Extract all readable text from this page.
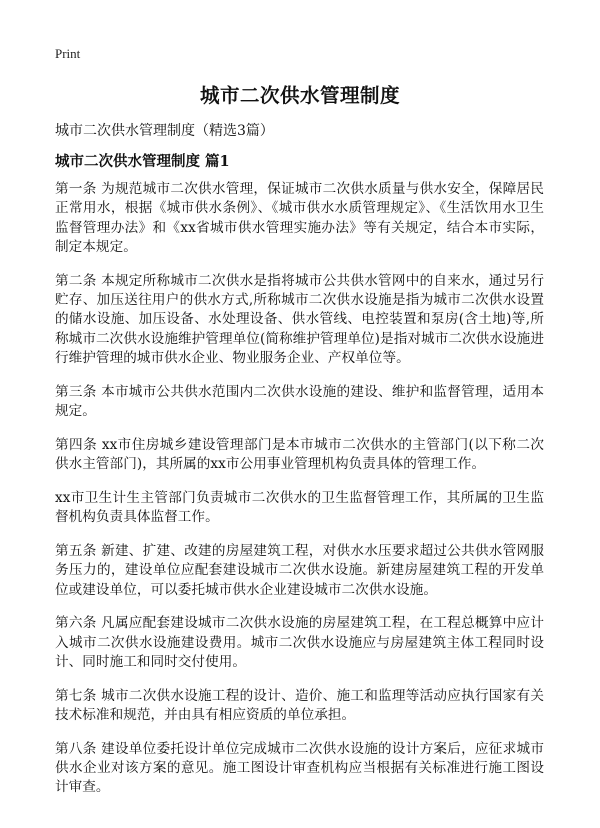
Print
城市二次供水管理制度

城市二次供水管理制度（精选3篇）

城市二次供水管理制度 篇1

第一条 为规范城市二次供水管理，保证城市二次供水质量与供水安全，保障居民正常用水，根据《城市供水条例》、《城市供水水质管理规定》、《生活饮用水卫生监督管理办法》和《xx省城市供水管理实施办法》等有关规定，结合本市实际，制定本规定。

第二条 本规定所称城市二次供水是指将城市公共供水管网中的自来水，通过另行贮存、加压送往用户的供水方式,所称城市二次供水设施是指为城市二次供水设置的储水设施、加压设备、水处理设备、供水管线、电控装置和泵房(含土地)等,所称城市二次供水设施维护管理单位(简称维护管理单位)是指对城市二次供水设施进行维护管理的城市供水企业、物业服务企业、产权单位等。

第三条 本市城市公共供水范围内二次供水设施的建设、维护和监督管理，适用本规定。

第四条 xx市住房城乡建设管理部门是本市城市二次供水的主管部门(以下称二次供水主管部门)，其所属的xx市公用事业管理机构负责具体的管理工作。

xx市卫生计生主管部门负责城市二次供水的卫生监督管理工作，其所属的卫生监督机构负责具体监督工作。

第五条 新建、扩建、改建的房屋建筑工程，对供水水压要求超过公共供水管网服务压力的，建设单位应配套建设城市二次供水设施。新建房屋建筑工程的开发单位或建设单位，可以委托城市供水企业建设城市二次供水设施。

第六条 凡属应配套建设城市二次供水设施的房屋建筑工程，在工程总概算中应计入城市二次供水设施建设费用。城市二次供水设施应与房屋建筑主体工程同时设计、同时施工和同时交付使用。

第七条 城市二次供水设施工程的设计、造价、施工和监理等活动应执行国家有关技术标准和规范，并由具有相应资质的单位承担。

第八条 建设单位委托设计单位完成城市二次供水设施的设计方案后，应征求城市供水企业对该方案的意见。施工图设计审查机构应当根据有关标准进行施工图设计审查。
